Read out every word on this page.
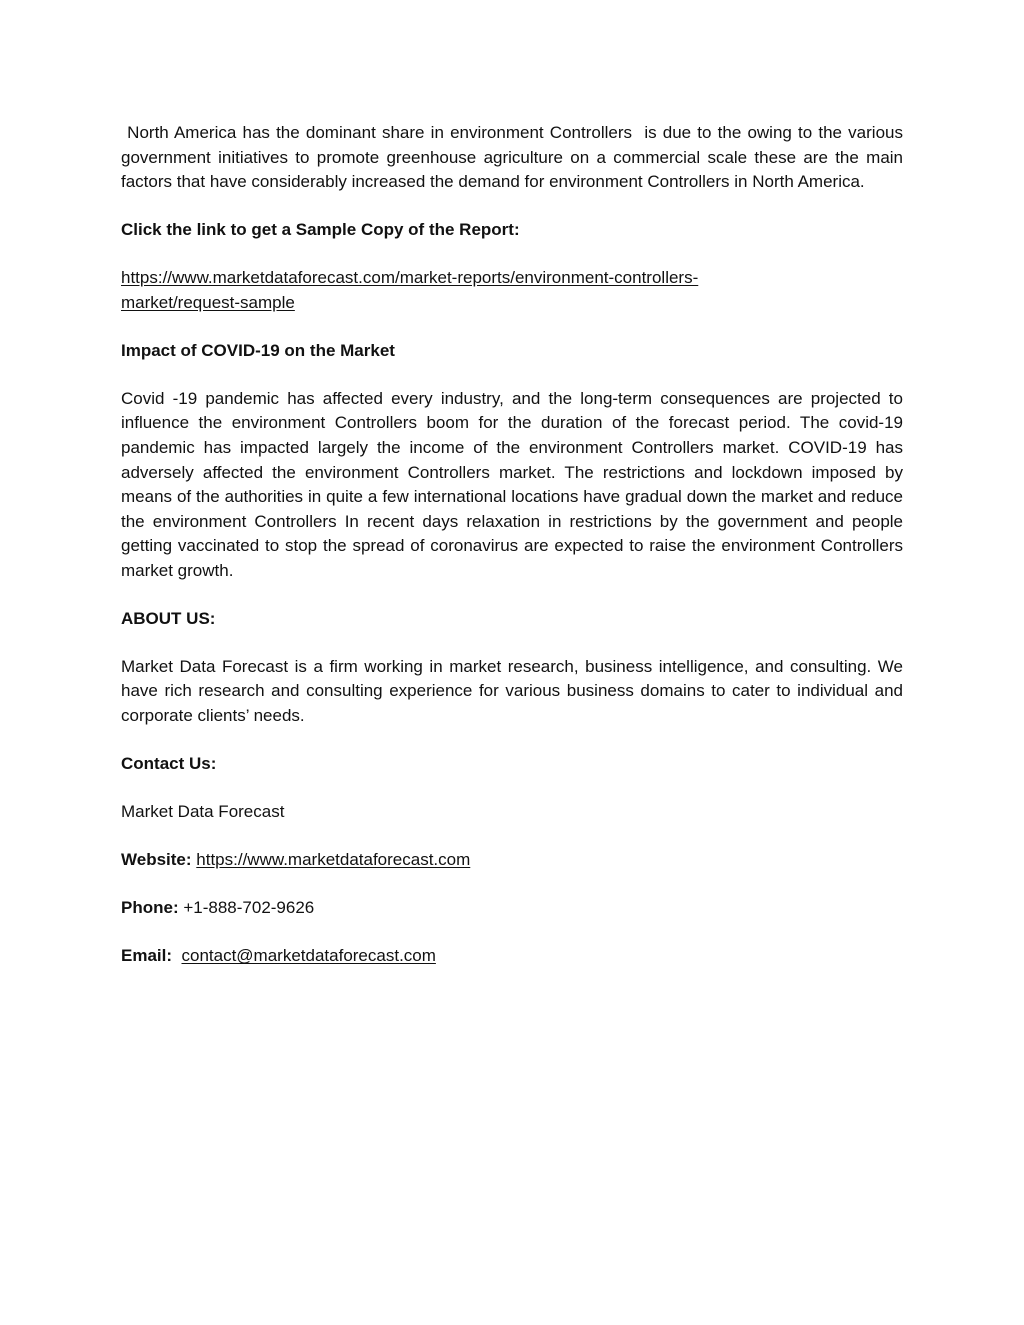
North America has the dominant share in environment Controllers  is due to the owing to the various government initiatives to promote greenhouse agriculture on a commercial scale these are the main factors that have considerably increased the demand for environment Controllers in North America.

Click the link to get a Sample Copy of the Report:

https://www.marketdataforecast.com/market-reports/environment-controllers-
market/request-sample

Impact of COVID-19 on the Market

Covid -19 pandemic has affected every industry, and the long-term consequences are projected to influence the environment Controllers boom for the duration of the forecast period. The covid-19 pandemic has impacted largely the income of the environment Controllers market. COVID-19 has adversely affected the environment Controllers market. The restrictions and lockdown imposed by means of the authorities in quite a few international locations have gradual down the market and reduce the environment Controllers In recent days relaxation in restrictions by the government and people getting vaccinated to stop the spread of coronavirus are expected to raise the environment Controllers market growth.

ABOUT US:

Market Data Forecast is a firm working in market research, business intelligence, and consulting. We have rich research and consulting experience for various business domains to cater to individual and corporate clients’ needs.

Contact Us:

Market Data Forecast

Website: https://www.marketdataforecast.com

Phone: +1-888-702-9626

Email: contact@marketdataforecast.com
